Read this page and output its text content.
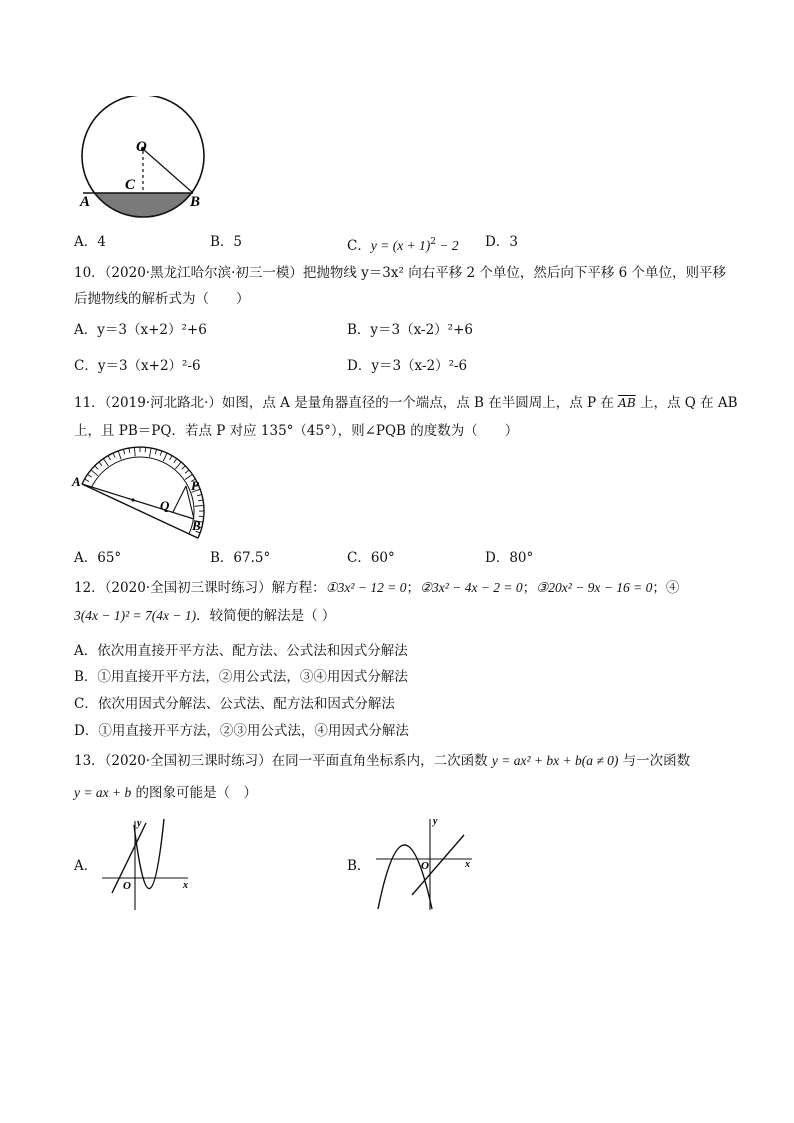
O
C
A	B
A．4	B．5	C．$y = (x + 1)^2 - 2$ D．3
10．（2020·黑龙江哈尔滨·初三一模）把抛物线 y＝3x² 向右平移 2 个单位，然后向下平移 6 个单位，则平移
后抛物线的解析式为（　　）
A．y＝3（x+2）²+6	B．y＝3（x-2）²+6
C．y＝3（x+2）²-6	D．y＝3（x-2）²-6
11．（2019·河北路北·）如图，点 A 是量角器直径的一个端点，点 B 在半圆周上，点 P 在 $\overline{AB}$ 上，点 Q 在 AB
上，且 PB＝PQ．若点 P 对应 135°（45°），则∠PQB 的度数为（　　）
A	P
Q
B
A．65°	B．67.5°	C．60°	D．80°
12．（2020·全国初三课时练习）解方程：①3x² − 12 = 0；②3x² − 4x − 2 = 0；③20x² − 9x − 16 = 0；④
3(4x − 1)² = 7(4x − 1)．较简便的解法是（ ）
A．依次用直接开平方法、配方法、公式法和因式分解法
B．①用直接开平方法，②用公式法，③④用因式分解法
C．依次用因式分解法、公式法、配方法和因式分解法
D．①用直接开平方法，②③用公式法，④用因式分解法
13．（2020·全国初三课时练习）在同一平面直角坐标系内，二次函数 y = ax² + bx + b(a ≠ 0) 与一次函数
y = ax + b 的图象可能是（　）
A．
y
x
O
B．
y
x
O
